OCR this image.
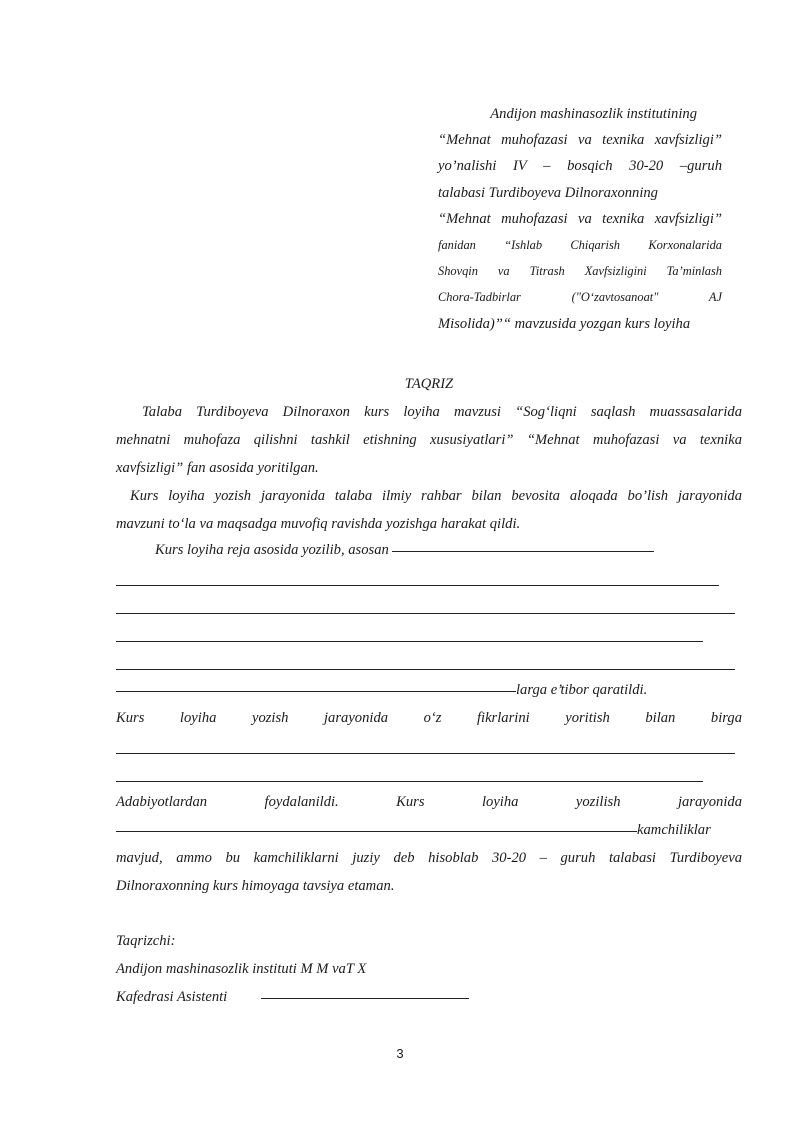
Andijon mashinasozlik institutining
“Mehnat muhofazasi va texnika xavfsizligi”
yo’nalishi IV – bosqich 30-20 –guruh
talabasi Turdiboyeva Dilnoraxonning
“Mehnat muhofazasi va texnika xavfsizligi”
fanidan “Ishlab Chiqarish Korxonalarida
Shovqin va Titrash Xavfsizligini Ta’minlash
Chora-Tadbirlar ("O‘zavtosanoat" AJ
Misolida)”“ mavzusida yozgan kurs loyiha
TAQRIZ
Talaba Turdiboyeva Dilnoraxon kurs loyiha mavzusi “Sog‘liqni saqlash muassasalarida
mehnatni muhofaza qilishni tashkil etishning xususiyatlari” “Mehnat muhofazasi va texnika
xavfsizligi” fan asosida yoritilgan.
Kurs loyiha yozish jarayonida talaba ilmiy rahbar bilan bevosita aloqada bo’lish jarayonida
mavzuni to‘la va maqsadga muvofiq ravishda yozishga harakat qildi.
Kurs loyiha reja asosida yozilib, asosan
larga e’tibor qaratildi.
Kurs loyiha yozish jarayonida o‘z fikrlarini yoritish bilan birga
Adabiyotlardan foydalanildi. Kurs loyiha yozilish jarayonida
kamchiliklar
mavjud, ammo bu kamchiliklarni juziy deb hisoblab 30-20 – guruh talabasi Turdiboyeva
Dilnoraxonning kurs himoyaga tavsiya etaman.
Taqrizchi:
Andijon mashinasozlik instituti M M vaT X
Kafedrasi Asistenti
3
